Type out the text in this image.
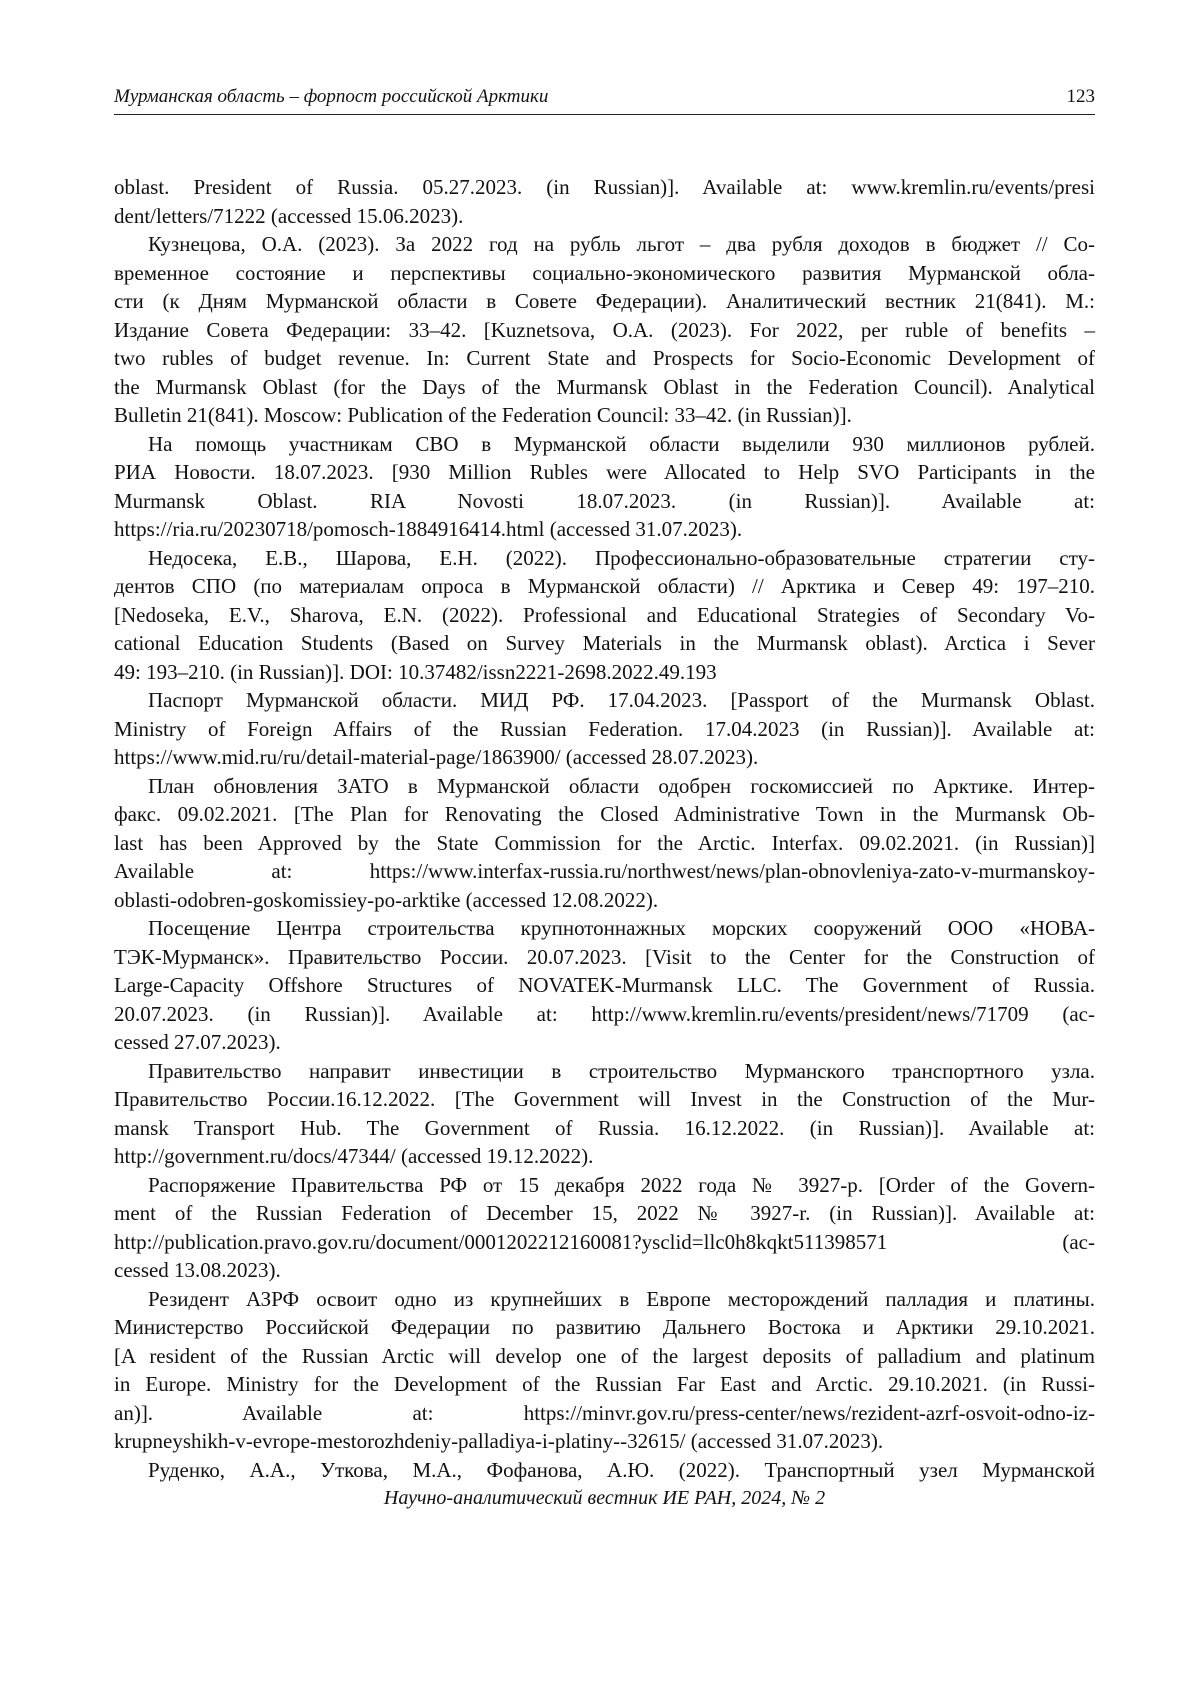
Мурманская область – форпост российской Арктики	123
oblast. President of Russia. 05.27.2023. (in Russian)]. Available at: www.kremlin.ru/events/presi
dent/letters/71222 (accessed 15.06.2023).
Кузнецова, О.А. (2023). За 2022 год на рубль льгот – два рубля доходов в бюджет // Со-
временное состояние и перспективы социально-экономического развития Мурманской обла-
сти (к Дням Мурманской области в Совете Федерации). Аналитический вестник 21(841). М.:
Издание Совета Федерации: 33–42. [Kuznetsova, O.A. (2023). For 2022, per ruble of benefits –
two rubles of budget revenue. In: Current State and Prospects for Socio-Economic Development of
the Murmansk Oblast (for the Days of the Murmansk Oblast in the Federation Council). Analytical
Bulletin 21(841). Moscow: Publication of the Federation Council: 33–42. (in Russian)].
На помощь участникам СВО в Мурманской области выделили 930 миллионов рублей.
РИА Новости. 18.07.2023. [930 Million Rubles were Allocated to Help SVO Participants in the
Murmansk Oblast. RIA Novosti 18.07.2023. (in Russian)]. Available at:
https://ria.ru/20230718/pomosch-1884916414.html (accessed 31.07.2023).
Недосека, Е.В., Шарова, Е.Н. (2022). Профессионально-образовательные стратегии сту-
дентов СПО (по материалам опроса в Мурманской области) // Арктика и Север 49: 197–210.
[Nedoseka, E.V., Sharova, E.N. (2022). Professional and Educational Strategies of Secondary Vo-
cational Education Students (Based on Survey Materials in the Murmansk oblast). Arctica i Sever
49: 193–210. (in Russian)]. DOI: 10.37482/issn2221-2698.2022.49.193
Паспорт Мурманской области. МИД РФ. 17.04.2023. [Passport of the Murmansk Oblast.
Ministry of Foreign Affairs of the Russian Federation. 17.04.2023 (in Russian)]. Available at:
https://www.mid.ru/ru/detail-material-page/1863900/ (accessed 28.07.2023).
План обновления ЗАТО в Мурманской области одобрен госкомиссией по Арктике. Интер-
факс. 09.02.2021. [The Plan for Renovating the Closed Administrative Town in the Murmansk Ob-
last has been Approved by the State Commission for the Arctic. Interfax. 09.02.2021. (in Russian)]
Available at: https://www.interfax-russia.ru/northwest/news/plan-obnovleniya-zato-v-murmanskoy-
oblasti-odobren-goskomissiey-po-arktike (accessed 12.08.2022).
Посещение Центра строительства крупнотоннажных морских сооружений ООО «НОВА-
ТЭК-Мурманск». Правительство России. 20.07.2023. [Visit to the Center for the Construction of
Large-Capacity Offshore Structures of NOVATEK-Murmansk LLC. The Government of Russia.
20.07.2023. (in Russian)]. Available at: http://www.kremlin.ru/events/president/news/71709 (ac-
cessed 27.07.2023).
Правительство направит инвестиции в строительство Мурманского транспортного узла.
Правительство России.16.12.2022. [The Government will Invest in the Construction of the Mur-
mansk Transport Hub. The Government of Russia. 16.12.2022. (in Russian)]. Available at:
http://government.ru/docs/47344/ (accessed 19.12.2022).
Распоряжение Правительства РФ от 15 декабря 2022 года № 3927-р. [Order of the Govern-
ment of the Russian Federation of December 15, 2022 № 3927-r. (in Russian)]. Available at:
http://publication.pravo.gov.ru/document/0001202212160081?ysclid=llc0h8kqkt511398571 (ac-
cessed 13.08.2023).
Резидент АЗРФ освоит одно из крупнейших в Европе месторождений палладия и платины.
Министерство Российской Федерации по развитию Дальнего Востока и Арктики 29.10.2021.
[A resident of the Russian Arctic will develop one of the largest deposits of palladium and platinum
in Europe. Ministry for the Development of the Russian Far East and Arctic. 29.10.2021. (in Russi-
an)]. Available at: https://minvr.gov.ru/press-center/news/rezident-azrf-osvoit-odno-iz-
krupneyshikh-v-evrope-mestorozhdeniy-palladiya-i-platiny--32615/ (accessed 31.07.2023).
Руденко, А.А., Уткова, М.А., Фофанова, А.Ю. (2022). Транспортный узел Мурманской
Научно-аналитический вестник ИЕ РАН, 2024, № 2
